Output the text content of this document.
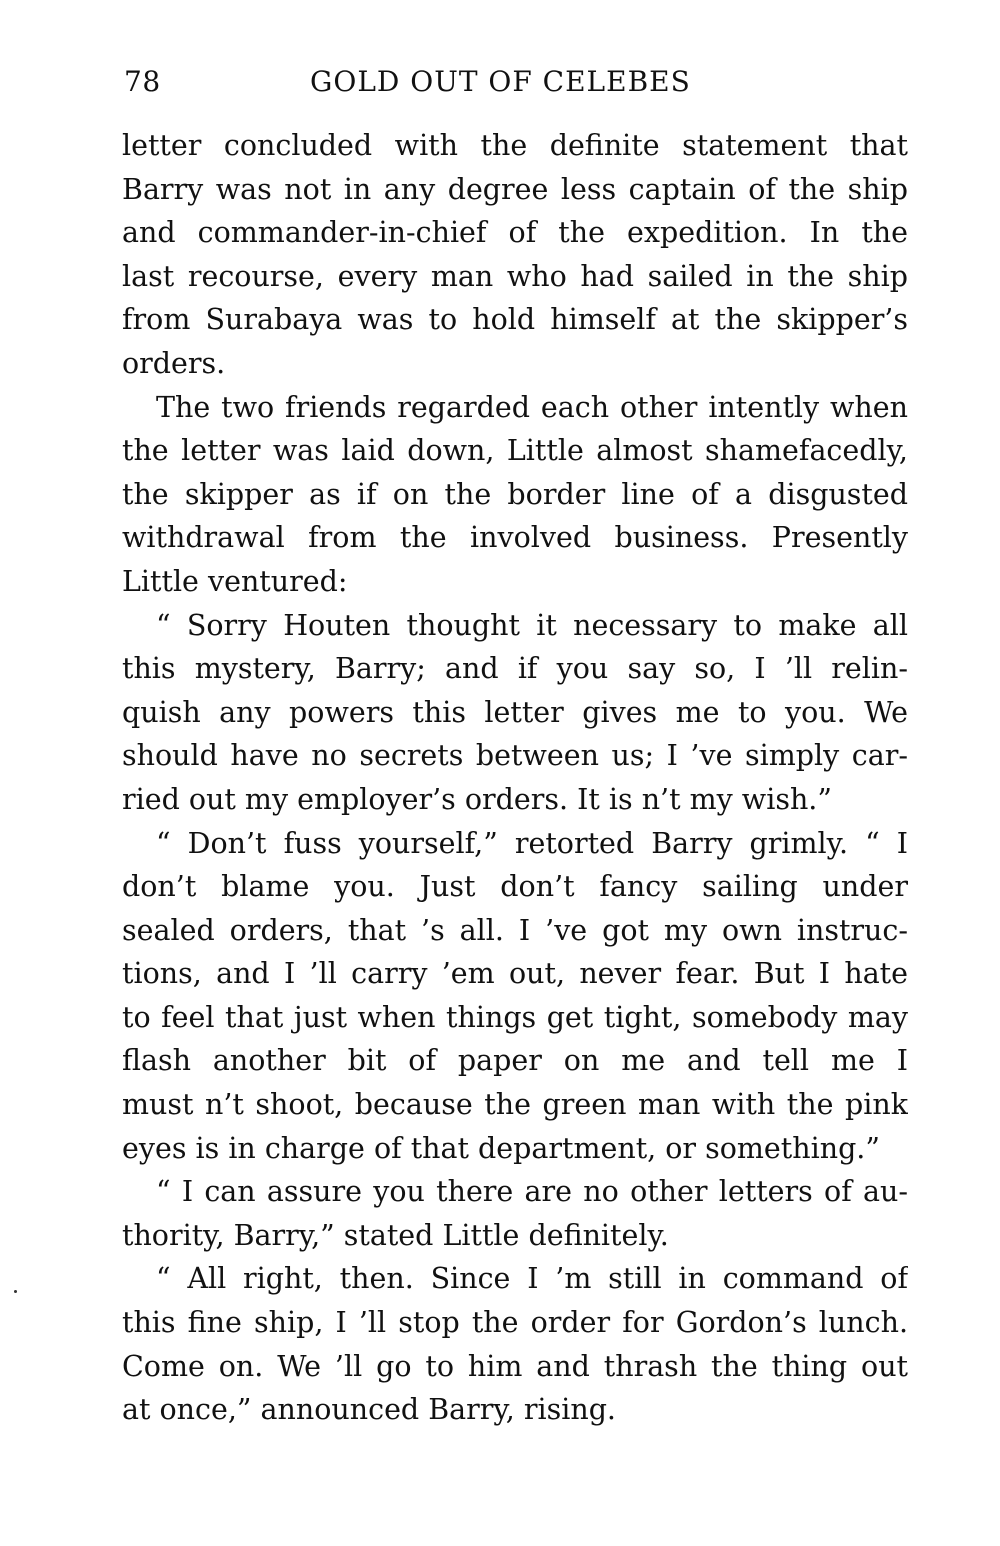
78	GOLD OUT OF CELEBES
letter concluded with the definite statement that
Barry was not in any degree less captain of the ship
and commander-in-chief of the expedition. In the
last recourse, every man who had sailed in the ship
from Surabaya was to hold himself at the skipper’s
orders.
The two friends regarded each other intently when
the letter was laid down, Little almost shamefacedly,
the skipper as if on the border line of a disgusted
withdrawal from the involved business. Presently
Little ventured:
“ Sorry Houten thought it necessary to make all
this mystery, Barry; and if you say so, I ’ll relin-
quish any powers this letter gives me to you. We
should have no secrets between us; I ’ve simply car-
ried out my employer’s orders. It is n’t my wish.”
“ Don’t fuss yourself,” retorted Barry grimly. “ I
don’t blame you. Just don’t fancy sailing under
sealed orders, that ’s all. I ’ve got my own instruc-
tions, and I ’ll carry ’em out, never fear. But I hate
to feel that just when things get tight, somebody may
flash another bit of paper on me and tell me I
must n’t shoot, because the green man with the pink
eyes is in charge of that department, or something.”
“ I can assure you there are no other letters of au-
thority, Barry,” stated Little definitely.
“ All right, then. Since I ’m still in command of
this fine ship, I ’ll stop the order for Gordon’s lunch.
Come on. We ’ll go to him and thrash the thing out
at once,” announced Barry, rising.
